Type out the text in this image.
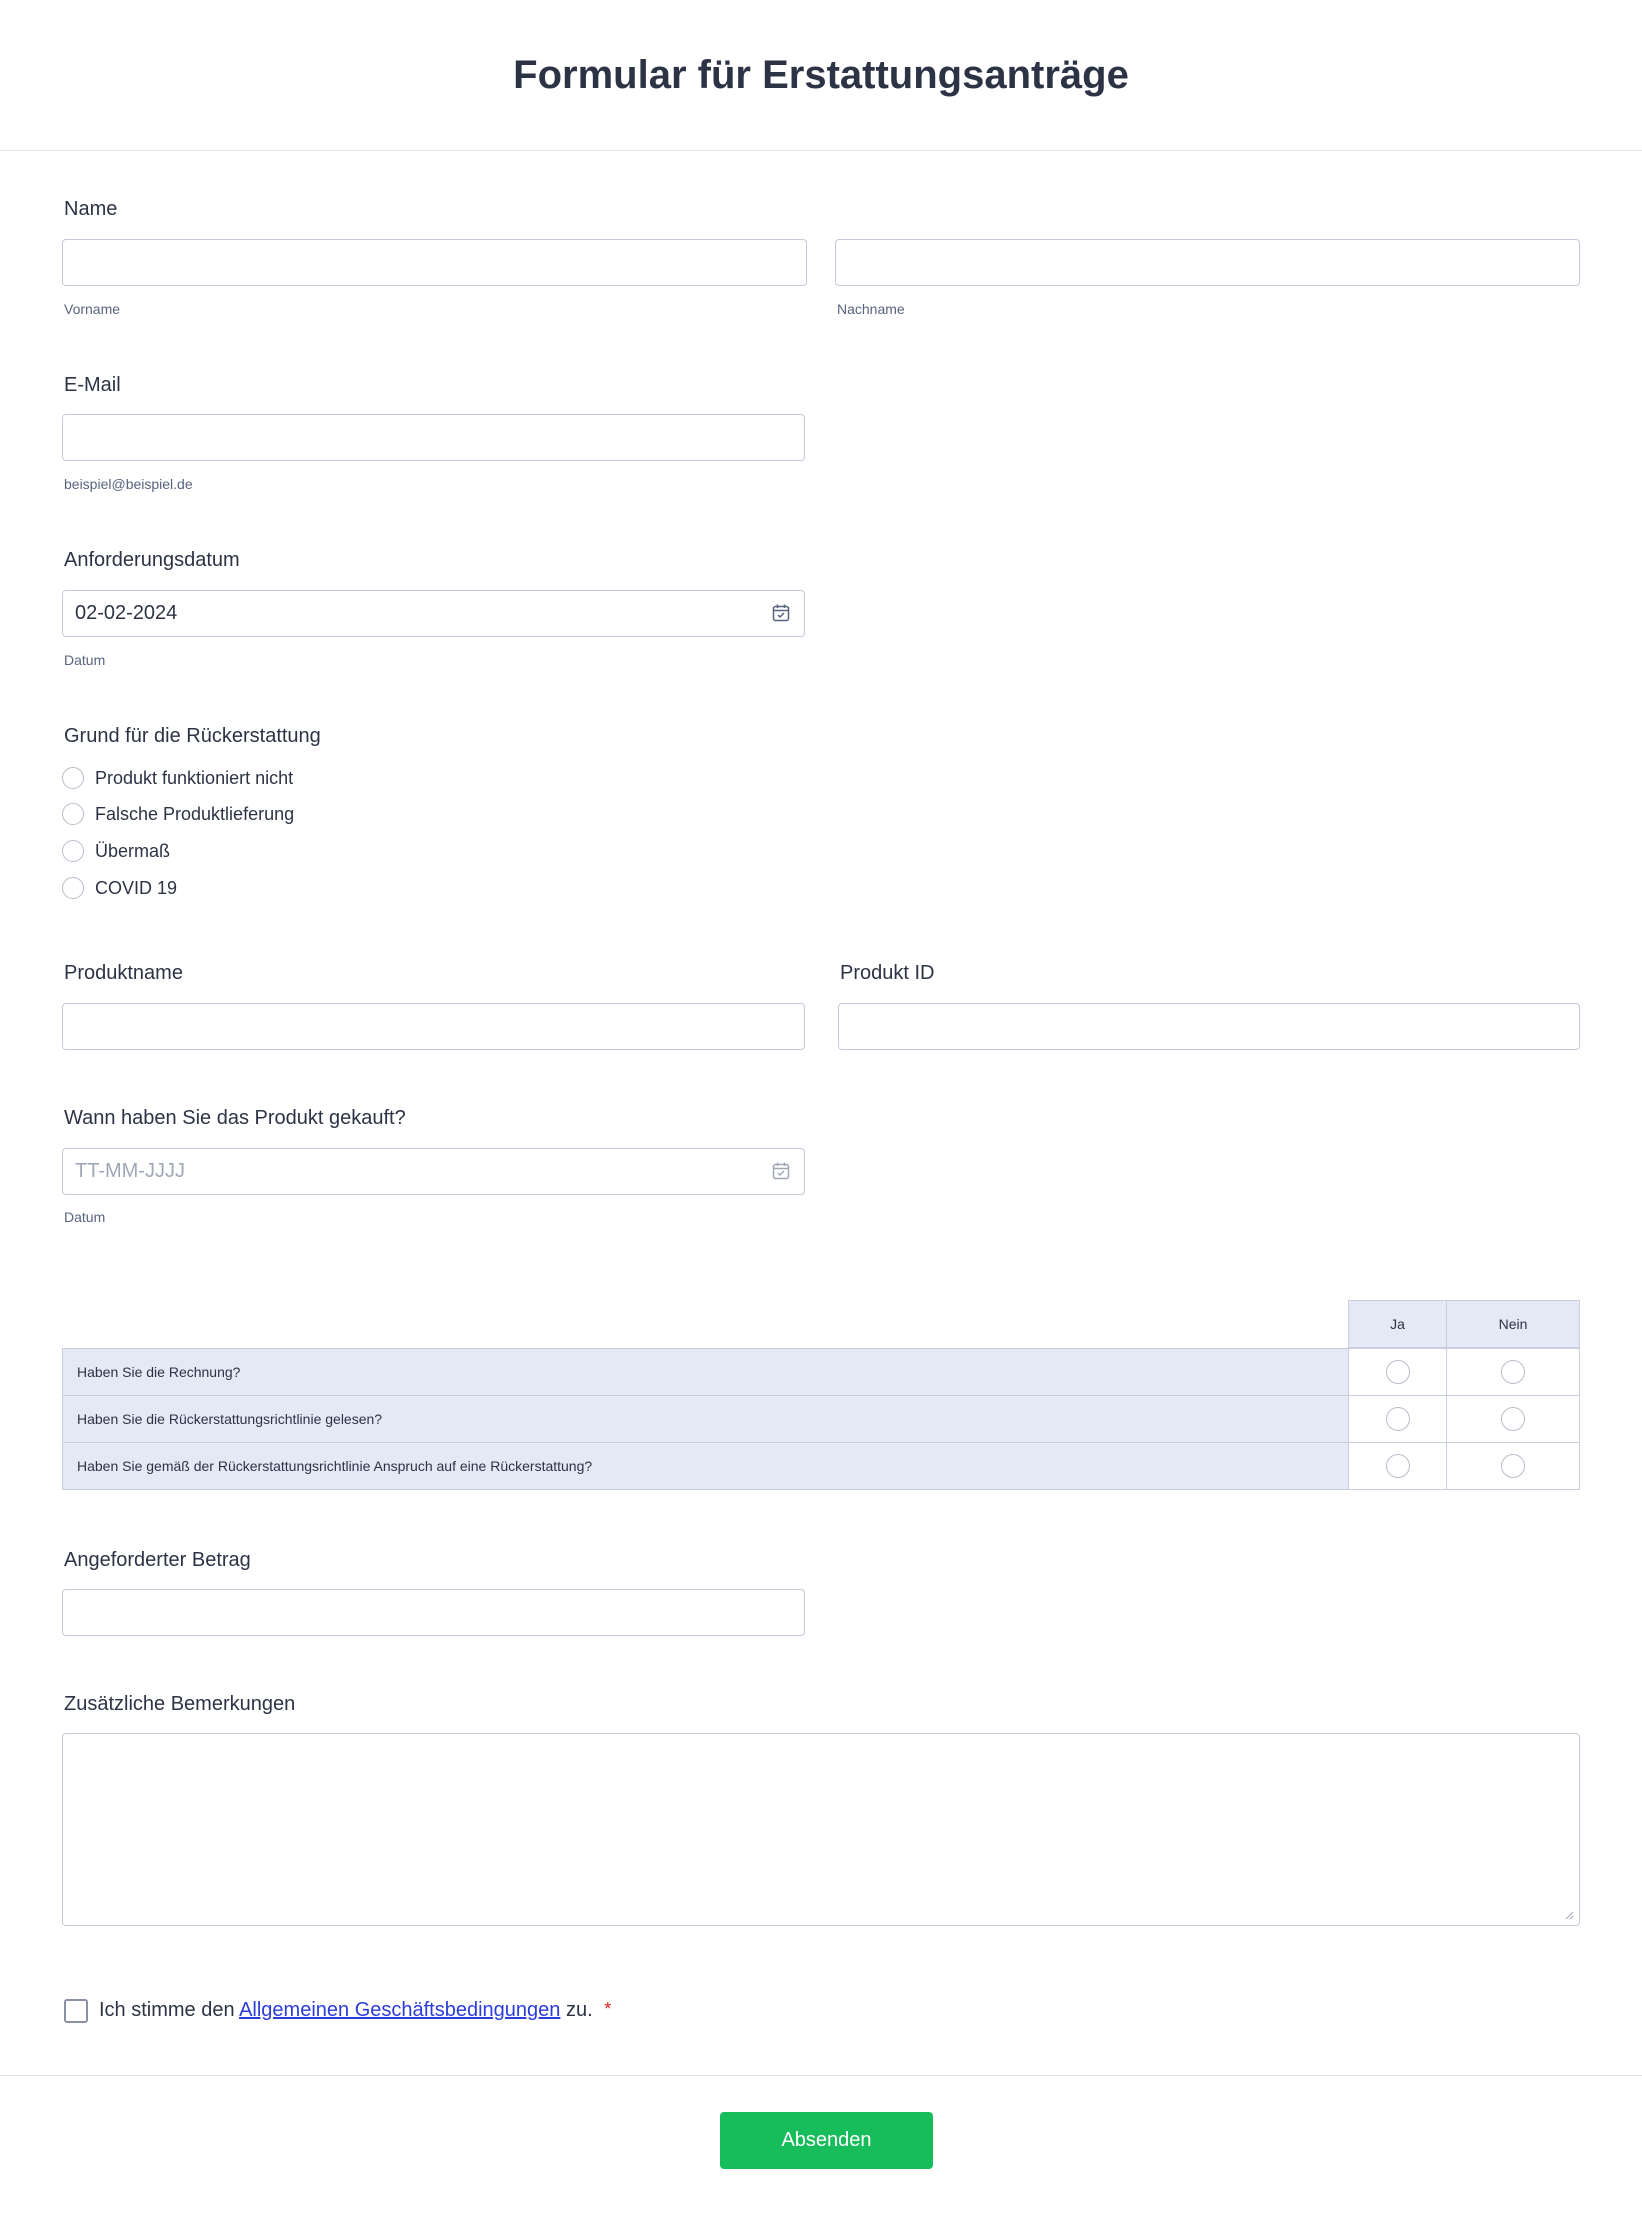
Formular für Erstattungsanträge
Name
Vorname	Nachname
E-Mail
beispiel@beispiel.de
Anforderungsdatum
02-02-2024
Datum
Grund für die Rückerstattung
Produkt funktioniert nicht
Falsche Produktlieferung
Übermaß
COVID 19
Produktname	Produkt ID
Wann haben Sie das Produkt gekauft?
TT-MM-JJJJ
Datum
Ja	Nein
Haben Sie die Rechnung?
Haben Sie die Rückerstattungsrichtlinie gelesen?
Haben Sie gemäß der Rückerstattungsrichtlinie Anspruch auf eine Rückerstattung?
Angeforderter Betrag
Zusätzliche Bemerkungen
Ich stimme den Allgemeinen Geschäftsbedingungen zu. *
Absenden
